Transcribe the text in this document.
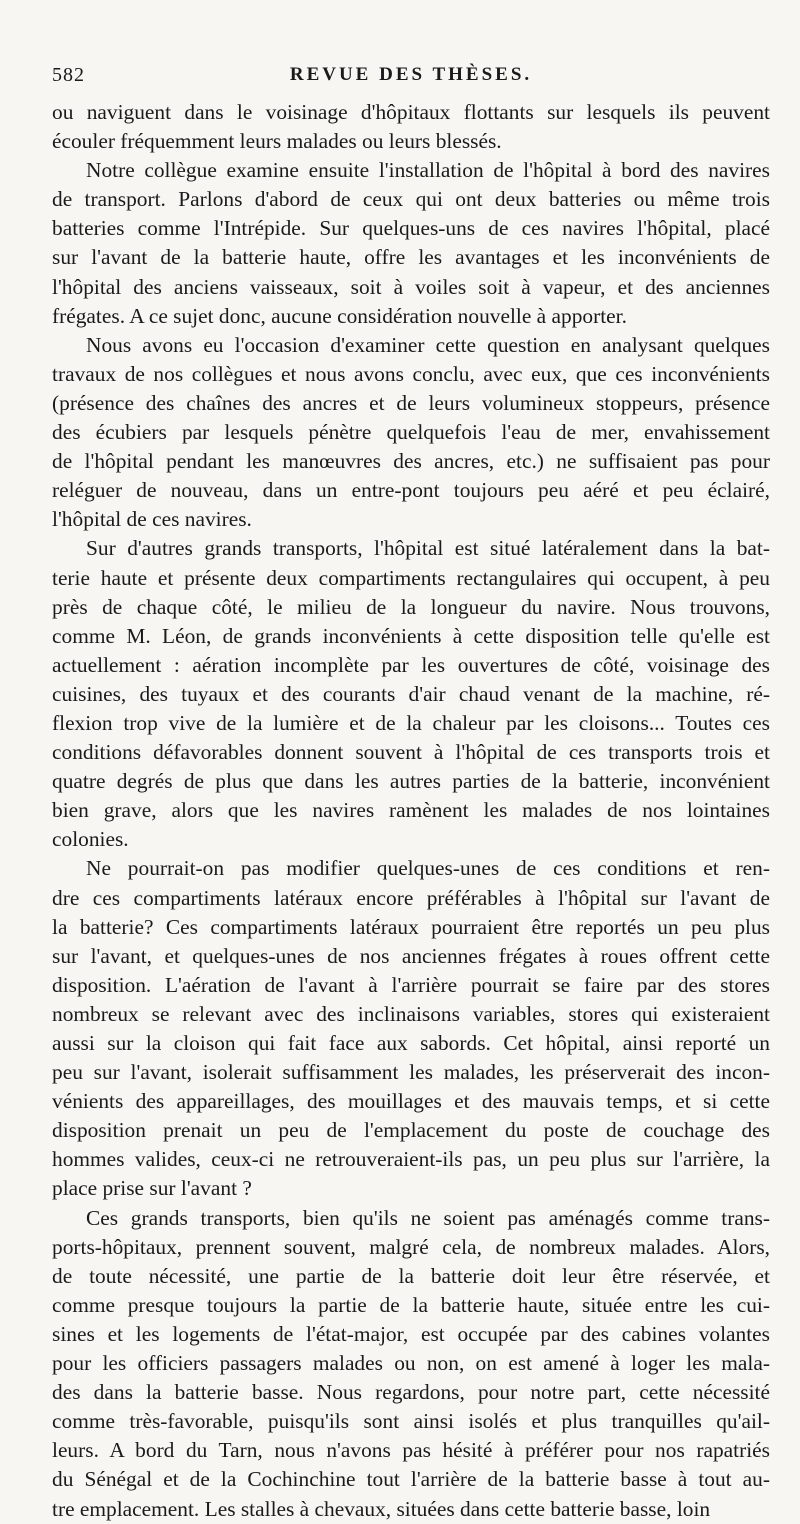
582	REVUE DES THÈSES.

ou naviguent dans le voisinage d'hôpitaux flottants sur lesquels ils peuvent
écouler fréquemment leurs malades ou leurs blessés.

Notre collègue examine ensuite l'installation de l'hôpital à bord des navires
de transport. Parlons d'abord de ceux qui ont deux batteries ou même trois
batteries comme l'Intrépide. Sur quelques-uns de ces navires l'hôpital, placé
sur l'avant de la batterie haute, offre les avantages et les inconvénients de
l'hôpital des anciens vaisseaux, soit à voiles soit à vapeur, et des anciennes
frégates. A ce sujet donc, aucune considération nouvelle à apporter.

Nous avons eu l'occasion d'examiner cette question en analysant quelques
travaux de nos collègues et nous avons conclu, avec eux, que ces inconvénients
(présence des chaînes des ancres et de leurs volumineux stoppeurs, présence
des écubiers par lesquels pénètre quelquefois l'eau de mer, envahissement
de l'hôpital pendant les manœuvres des ancres, etc.) ne suffisaient pas pour
reléguer de nouveau, dans un entre-pont toujours peu aéré et peu éclairé,
l'hôpital de ces navires.

Sur d'autres grands transports, l'hôpital est situé latéralement dans la bat-
terie haute et présente deux compartiments rectangulaires qui occupent, à peu
près de chaque côté, le milieu de la longueur du navire. Nous trouvons,
comme M. Léon, de grands inconvénients à cette disposition telle qu'elle est
actuellement : aération incomplète par les ouvertures de côté, voisinage des
cuisines, des tuyaux et des courants d'air chaud venant de la machine, ré-
flexion trop vive de la lumière et de la chaleur par les cloisons... Toutes ces
conditions défavorables donnent souvent à l'hôpital de ces transports trois et
quatre degrés de plus que dans les autres parties de la batterie, inconvénient
bien grave, alors que les navires ramènent les malades de nos lointaines
colonies.

Ne pourrait-on pas modifier quelques-unes de ces conditions et ren-
dre ces compartiments latéraux encore préférables à l'hôpital sur l'avant de
la batterie? Ces compartiments latéraux pourraient être reportés un peu plus
sur l'avant, et quelques-unes de nos anciennes frégates à roues offrent cette
disposition. L'aération de l'avant à l'arrière pourrait se faire par des stores
nombreux se relevant avec des inclinaisons variables, stores qui existeraient
aussi sur la cloison qui fait face aux sabords. Cet hôpital, ainsi reporté un
peu sur l'avant, isolerait suffisamment les malades, les préserverait des incon-
vénients des appareillages, des mouillages et des mauvais temps, et si cette
disposition prenait un peu de l'emplacement du poste de couchage des
hommes valides, ceux-ci ne retrouveraient-ils pas, un peu plus sur l'arrière, la
place prise sur l'avant ?

Ces grands transports, bien qu'ils ne soient pas aménagés comme trans-
ports-hôpitaux, prennent souvent, malgré cela, de nombreux malades. Alors,
de toute nécessité, une partie de la batterie doit leur être réservée, et
comme presque toujours la partie de la batterie haute, située entre les cui-
sines et les logements de l'état-major, est occupée par des cabines volantes
pour les officiers passagers malades ou non, on est amené à loger les mala-
des dans la batterie basse. Nous regardons, pour notre part, cette nécessité
comme très-favorable, puisqu'ils sont ainsi isolés et plus tranquilles qu'ail-
leurs. A bord du Tarn, nous n'avons pas hésité à préférer pour nos rapatriés
du Sénégal et de la Cochinchine tout l'arrière de la batterie basse à tout au-
tre emplacement. Les stalles à chevaux, situées dans cette batterie basse, loin
